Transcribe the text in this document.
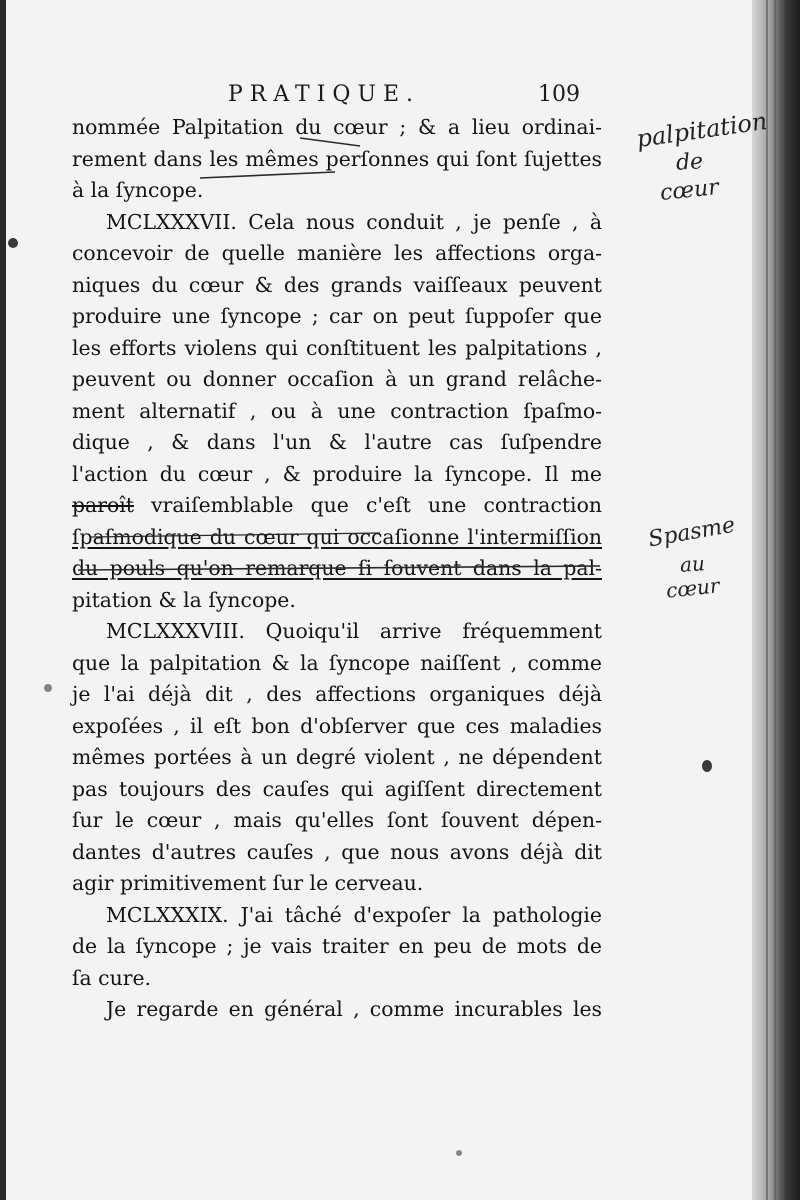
PRATIQUE.	109
nommée Palpitation du cœur ; & a lieu ordinai-
rement dans les mêmes perſonnes qui ſont ſujettes
à la ſyncope.
MCLXXXVII. Cela nous conduit , je penſe , à
concevoir de quelle manière les affections orga-
niques du cœur & des grands vaiſſeaux peuvent
produire une ſyncope ; car on peut ſuppoſer que
les efforts violens qui conſtituent les palpitations ,
peuvent ou donner occaſion à un grand relâche-
ment alternatif , ou à une contraction ſpaſmo-
dique , & dans l'un & l'autre cas ſuſpendre
l'action du cœur , & produire la ſyncope. Il me
paroît vraiſemblable que c'eſt une contraction
ſpaſmodique du cœur qui occaſionne l'intermiſſion
du pouls qu'on remarque ſi ſouvent dans la pal-
pitation & la ſyncope.
MCLXXXVIII. Quoiqu'il arrive fréquemment
que la palpitation & la ſyncope naiſſent , comme
je l'ai déjà dit , des affections organiques déjà
expoſées , il eſt bon d'obſerver que ces maladies
mêmes portées à un degré violent , ne dépendent
pas toujours des cauſes qui agiſſent directement
ſur le cœur , mais qu'elles ſont ſouvent dépen-
dantes d'autres cauſes , que nous avons déjà dit
agir primitivement ſur le cerveau.
MCLXXXIX. J'ai tâché d'expoſer la pathologie
de la ſyncope ; je vais traiter en peu de mots de
ſa cure.
Je regarde en général , comme incurables les
palpitation
de
cœur
Spasme
au
cœur
